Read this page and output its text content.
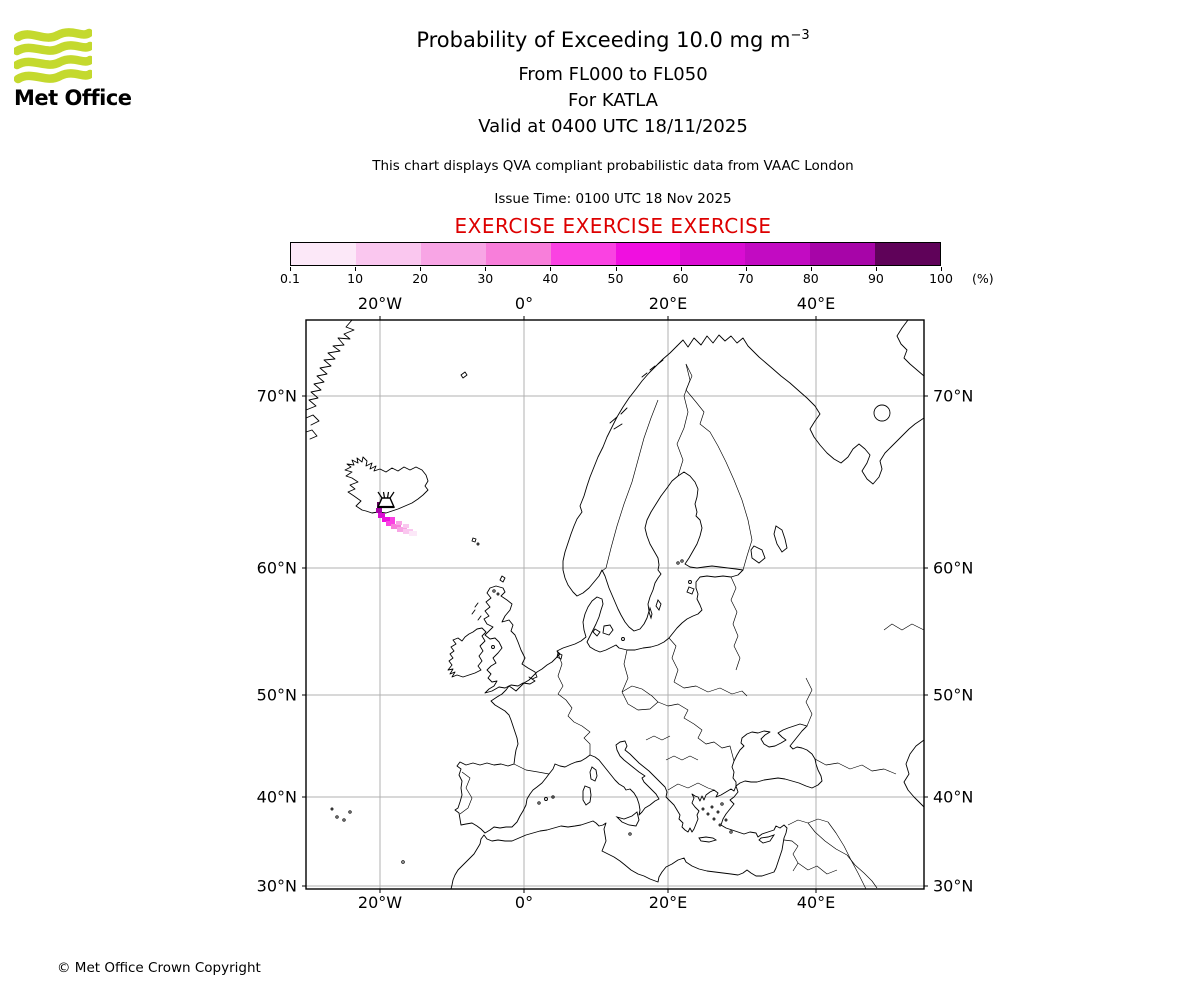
Met Office
Probability of Exceeding 10.0 mg $m^{-3}$
From FL000 to FL050
For KATLA
Valid at 0400 UTC 18/11/2025
This chart displays QVA compliant probabilistic data from VAAC London
Issue Time: 0100 UTC 18 Nov 2025
EXERCISE EXERCISE EXERCISE
0.1	10	20	30	40	50	60	70	80	90	100 (%)
20°W
20°W
0°
0°
20°E
20°E
40°E
40°E
70°N	70°N
60°N	60°N
50°N	50°N
40°N	40°N
30°N	30°N
© Met Office Crown Copyright
